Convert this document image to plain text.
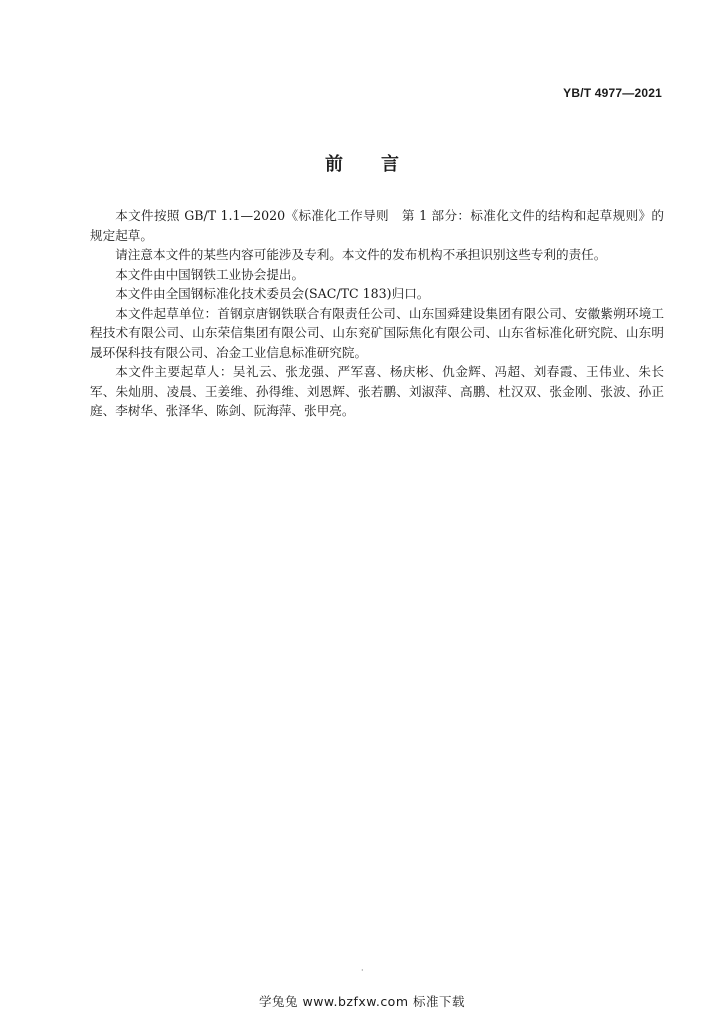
YB/T 4977—2021
前言

本文件按照 GB/T 1.1—2020《标准化工作导则　第 1 部分：标准化文件的结构和起草规则》的规定起草。

请注意本文件的某些内容可能涉及专利。本文件的发布机构不承担识别这些专利的责任。

本文件由中国钢铁工业协会提出。

本文件由全国钢标准化技术委员会(SAC/TC 183)归口。

本文件起草单位：首钢京唐钢铁联合有限责任公司、山东国舜建设集团有限公司、安徽紫朔环境工程技术有限公司、山东荣信集团有限公司、山东兖矿国际焦化有限公司、山东省标准化研究院、山东明晟环保科技有限公司、冶金工业信息标准研究院。

本文件主要起草人：吴礼云、张龙强、严军喜、杨庆彬、仇金辉、冯超、刘春霞、王伟业、朱长军、朱灿朋、凌晨、王姜维、孙得维、刘恩辉、张若鹏、刘淑萍、高鹏、杜汉双、张金刚、张波、孙正庭、李树华、张泽华、陈剑、阮海萍、张甲亮。

·
学兔兔 www.bzfxw.com 标准下载
